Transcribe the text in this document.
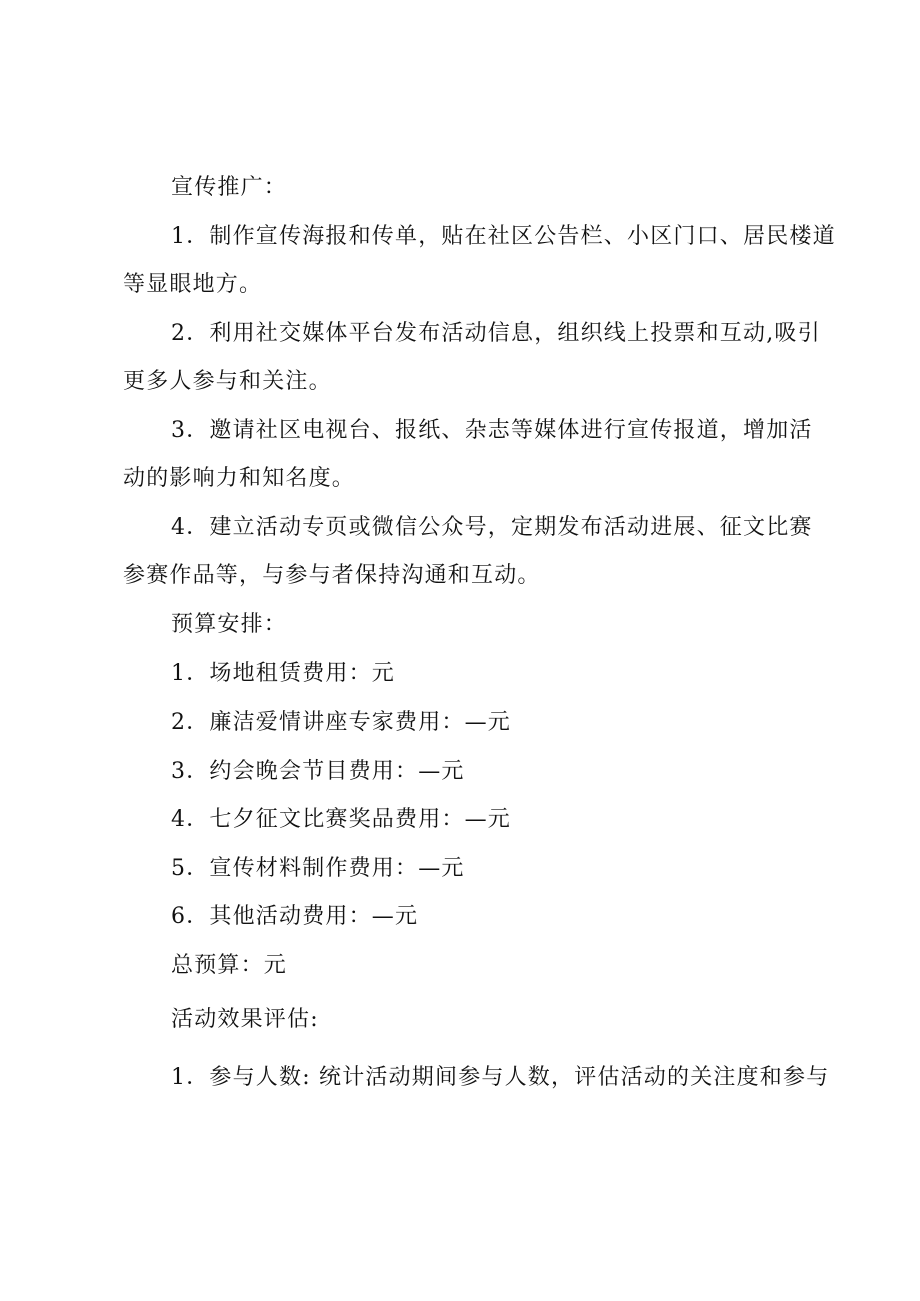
宣传推广：
1．制作宣传海报和传单，贴在社区公告栏、小区门口、居民楼道
等显眼地方。
2．利用社交媒体平台发布活动信息，组织线上投票和互动,吸引
更多人参与和关注。
3．邀请社区电视台、报纸、杂志等媒体进行宣传报道，增加活
动的影响力和知名度。
4．建立活动专页或微信公众号，定期发布活动进展、征文比赛
参赛作品等，与参与者保持沟通和互动。
预算安排：
1．场地租赁费用：元
2．廉洁爱情讲座专家费用：—元
3．约会晚会节目费用：—元
4．七夕征文比赛奖品费用：—元
5．宣传材料制作费用：—元
6．其他活动费用：—元
总预算：元
活动效果评估:
1．参与人数: 统计活动期间参与人数，评估活动的关注度和参与
